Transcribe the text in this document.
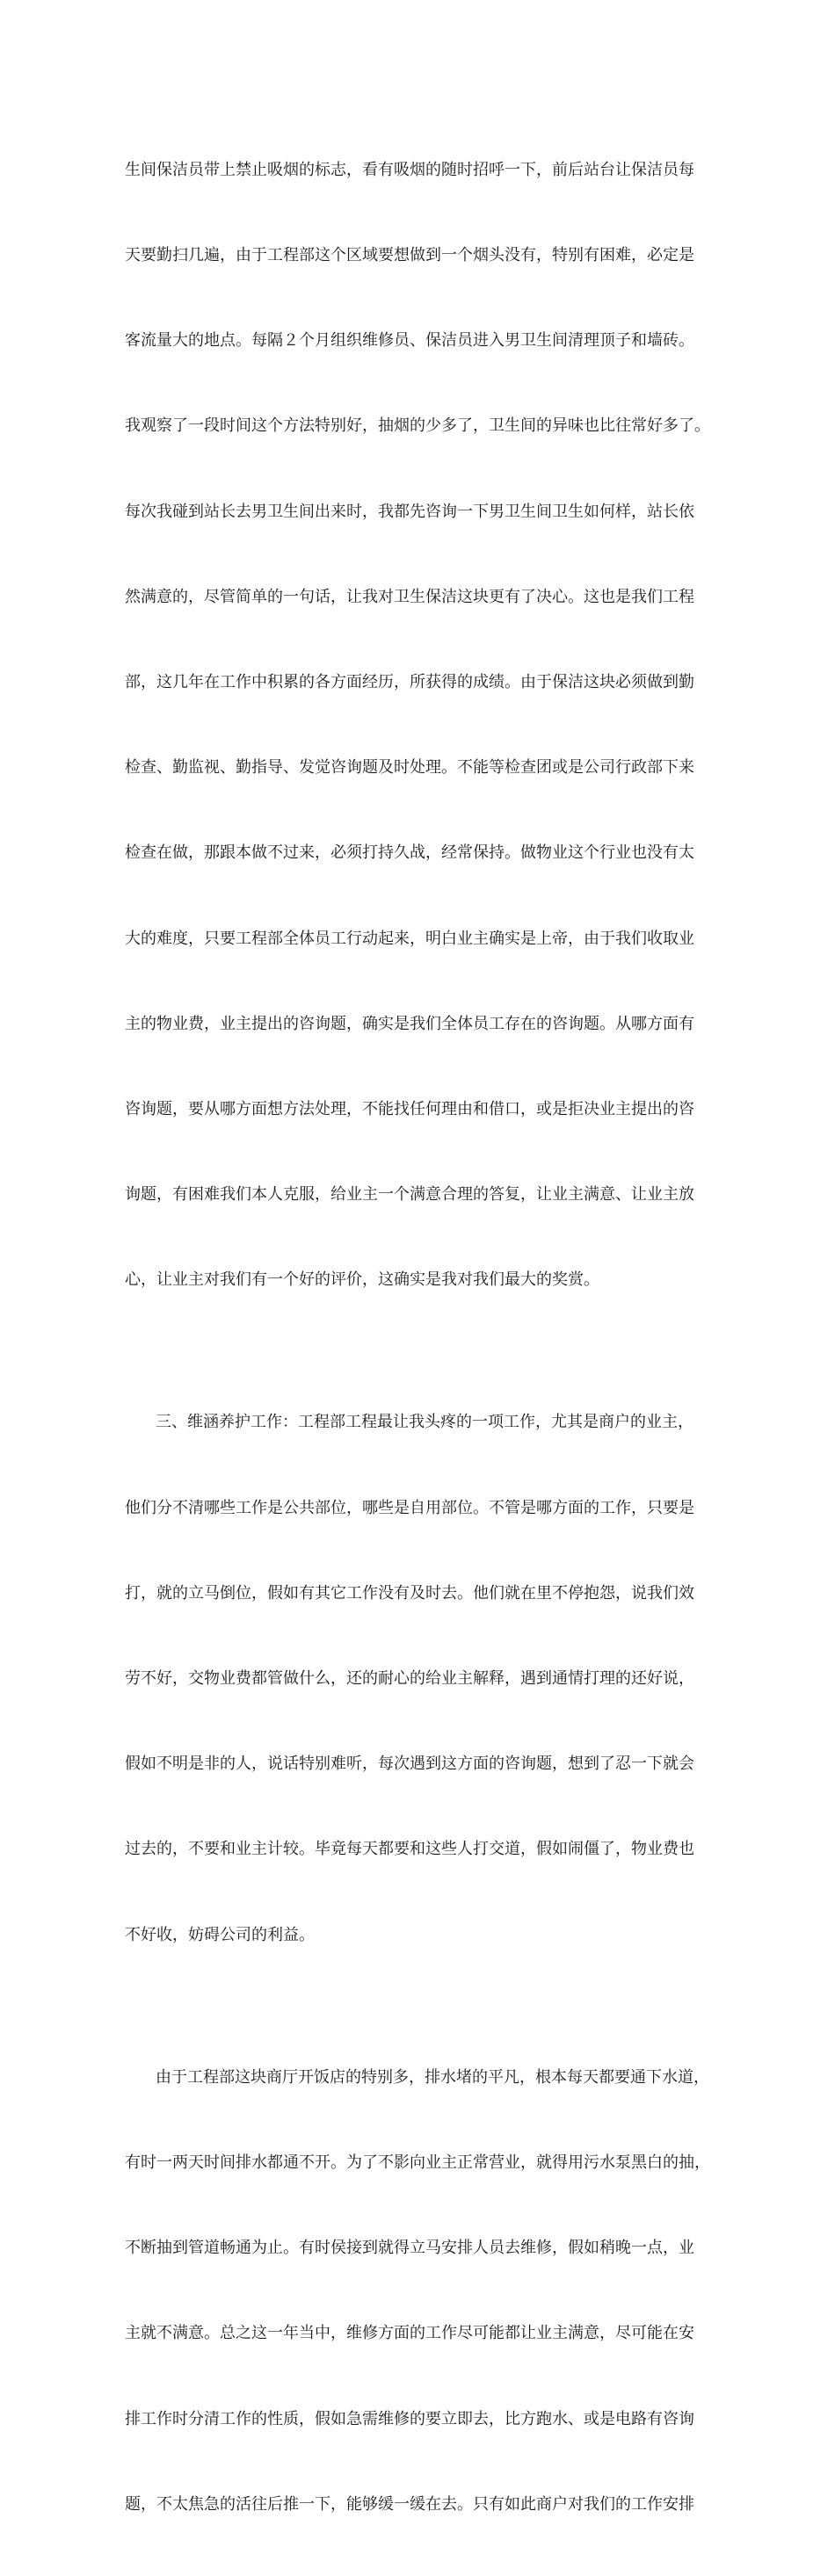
生间保洁员带上禁止吸烟的标志，看有吸烟的随时招呼一下，前后站台让保洁员每

天要勤扫几遍，由于工程部这个区域要想做到一个烟头没有，特别有困难，必定是

客流量大的地点。每隔２个月组织维修员、保洁员进入男卫生间清理顶子和墙砖。

我观察了一段时间这个方法特别好，抽烟的少多了，卫生间的异味也比往常好多了。

每次我碰到站长去男卫生间出来时，我都先咨询一下男卫生间卫生如何样，站长依

然满意的，尽管简单的一句话，让我对卫生保洁这块更有了决心。这也是我们工程

部，这几年在工作中积累的各方面经历，所获得的成绩。由于保洁这块必须做到勤

检查、勤监视、勤指导、发觉咨询题及时处理。不能等检查团或是公司行政部下来

检查在做，那跟本做不过来，必须打持久战，经常保持。做物业这个行业也没有太

大的难度，只要工程部全体员工行动起来，明白业主确实是上帝，由于我们收取业

主的物业费，业主提出的咨询题，确实是我们全体员工存在的咨询题。从哪方面有

咨询题，要从哪方面想方法处理，不能找任何理由和借口，或是拒决业主提出的咨

询题，有困难我们本人克服，给业主一个满意合理的答复，让业主满意、让业主放

心，让业主对我们有一个好的评价，这确实是我对我们最大的奖赏。

三、维涵养护工作：工程部工程最让我头疼的一项工作，尤其是商户的业主，

他们分不清哪些工作是公共部位，哪些是自用部位。不管是哪方面的工作，只要是

打，就的立马倒位，假如有其它工作没有及时去。他们就在里不停抱怨，说我们效

劳不好，交物业费都管做什么，还的耐心的给业主解释，遇到通情打理的还好说，

假如不明是非的人，说话特别难听，每次遇到这方面的咨询题，想到了忍一下就会

过去的，不要和业主计较。毕竟每天都要和这些人打交道，假如闹僵了，物业费也

不好收，妨碍公司的利益。

由于工程部这块商厅开饭店的特别多，排水堵的平凡，根本每天都要通下水道，

有时一两天时间排水都通不开。为了不影向业主正常营业，就得用污水泵黑白的抽，

不断抽到管道畅通为止。有时侯接到就得立马安排人员去维修，假如稍晚一点，业

主就不满意。总之这一年当中，维修方面的工作尽可能都让业主满意，尽可能在安

排工作时分清工作的性质，假如急需维修的要立即去，比方跑水、或是电路有咨询

题，不太焦急的活往后推一下，能够缓一缓在去。只有如此商户对我们的工作安排
